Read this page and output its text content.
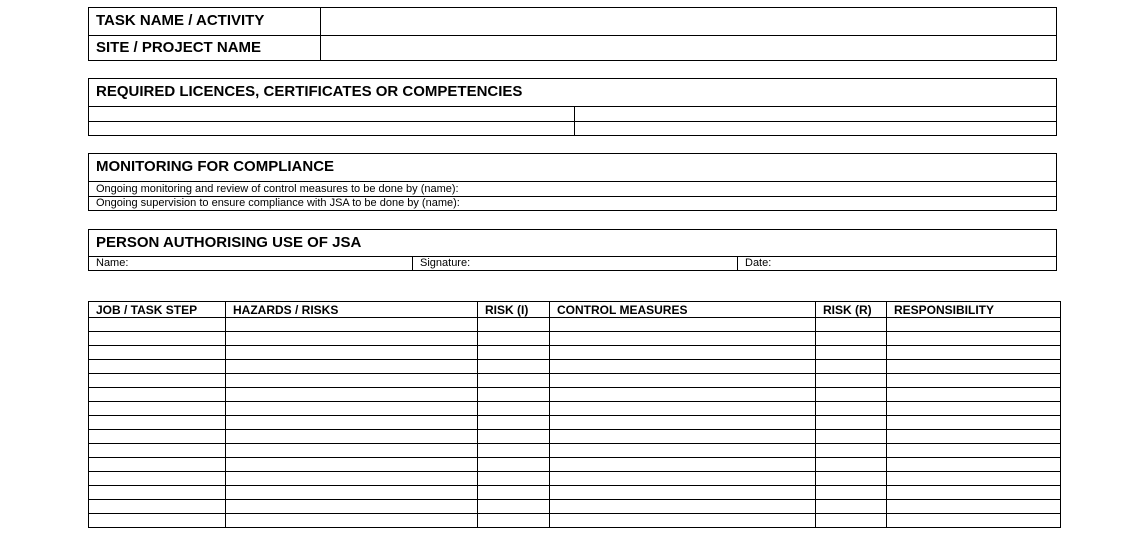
TASK NAME / ACTIVITY
SITE / PROJECT NAME
REQUIRED LICENCES, CERTIFICATES OR COMPETENCIES
MONITORING FOR COMPLIANCE
Ongoing monitoring and review of control measures to be done by (name):
Ongoing supervision to ensure compliance with JSA to be done by (name):
PERSON AUTHORISING USE OF JSA
Name:	Signature:	Date:
JOB / TASK STEP	HAZARDS / RISKS	RISK (I)	CONTROL MEASURES	RISK (R)	RESPONSIBILITY
